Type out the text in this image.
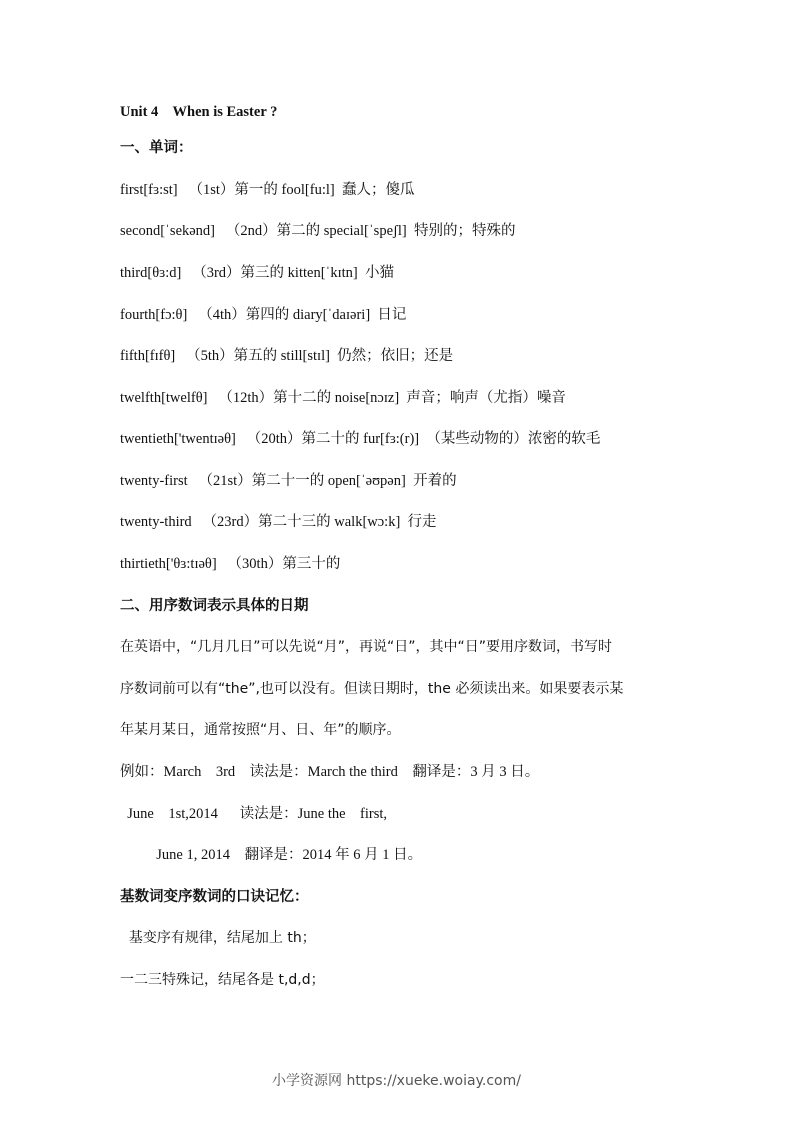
Unit 4    When is Easter ?
一、单词：
first[fɜ:st]   （1st）第一的 fool[fu:l]  蠢人；傻瓜
second[ˈsekənd]   （2nd）第二的 special[ˈspeʃl]  特别的；特殊的
third[θɜ:d]   （3rd）第三的 kitten[ˈkɪtn]  小猫
fourth[fɔ:θ]   （4th）第四的 diary[ˈdaɪəri]  日记
fifth[fɪfθ]   （5th）第五的 still[stɪl]  仍然；依旧；还是
twelfth[twelfθ]   （12th）第十二的 noise[nɔɪz]  声音；响声（尤指）噪音
twentieth['twentɪəθ]   （20th）第二十的 fur[fɜ:(r)]  （某些动物的）浓密的软毛
twenty-first   （21st）第二十一的 open[ˈəʊpən]  开着的
twenty-third   （23rd）第二十三的 walk[wɔ:k]  行走
thirtieth['θɜ:tɪəθ]   （30th）第三十的
二、用序数词表示具体的日期
在英语中，“几月几日”可以先说“月”，再说“日”，其中“日”要用序数词，书写时
序数词前可以有“the”,也可以没有。但读日期时，the 必须读出来。如果要表示某
年某月某日，通常按照“月、日、年”的顺序。
例如：March    3rd    读法是：March the third    翻译是：3 月 3 日。
June    1st,2014      读法是：June the    first,
June 1, 2014    翻译是：2014 年 6 月 1 日。
基数词变序数词的口诀记忆：
基变序有规律，结尾加上 th；
一二三特殊记，结尾各是 t,d,d；
小学资源网 https://xueke.woiay.com/
